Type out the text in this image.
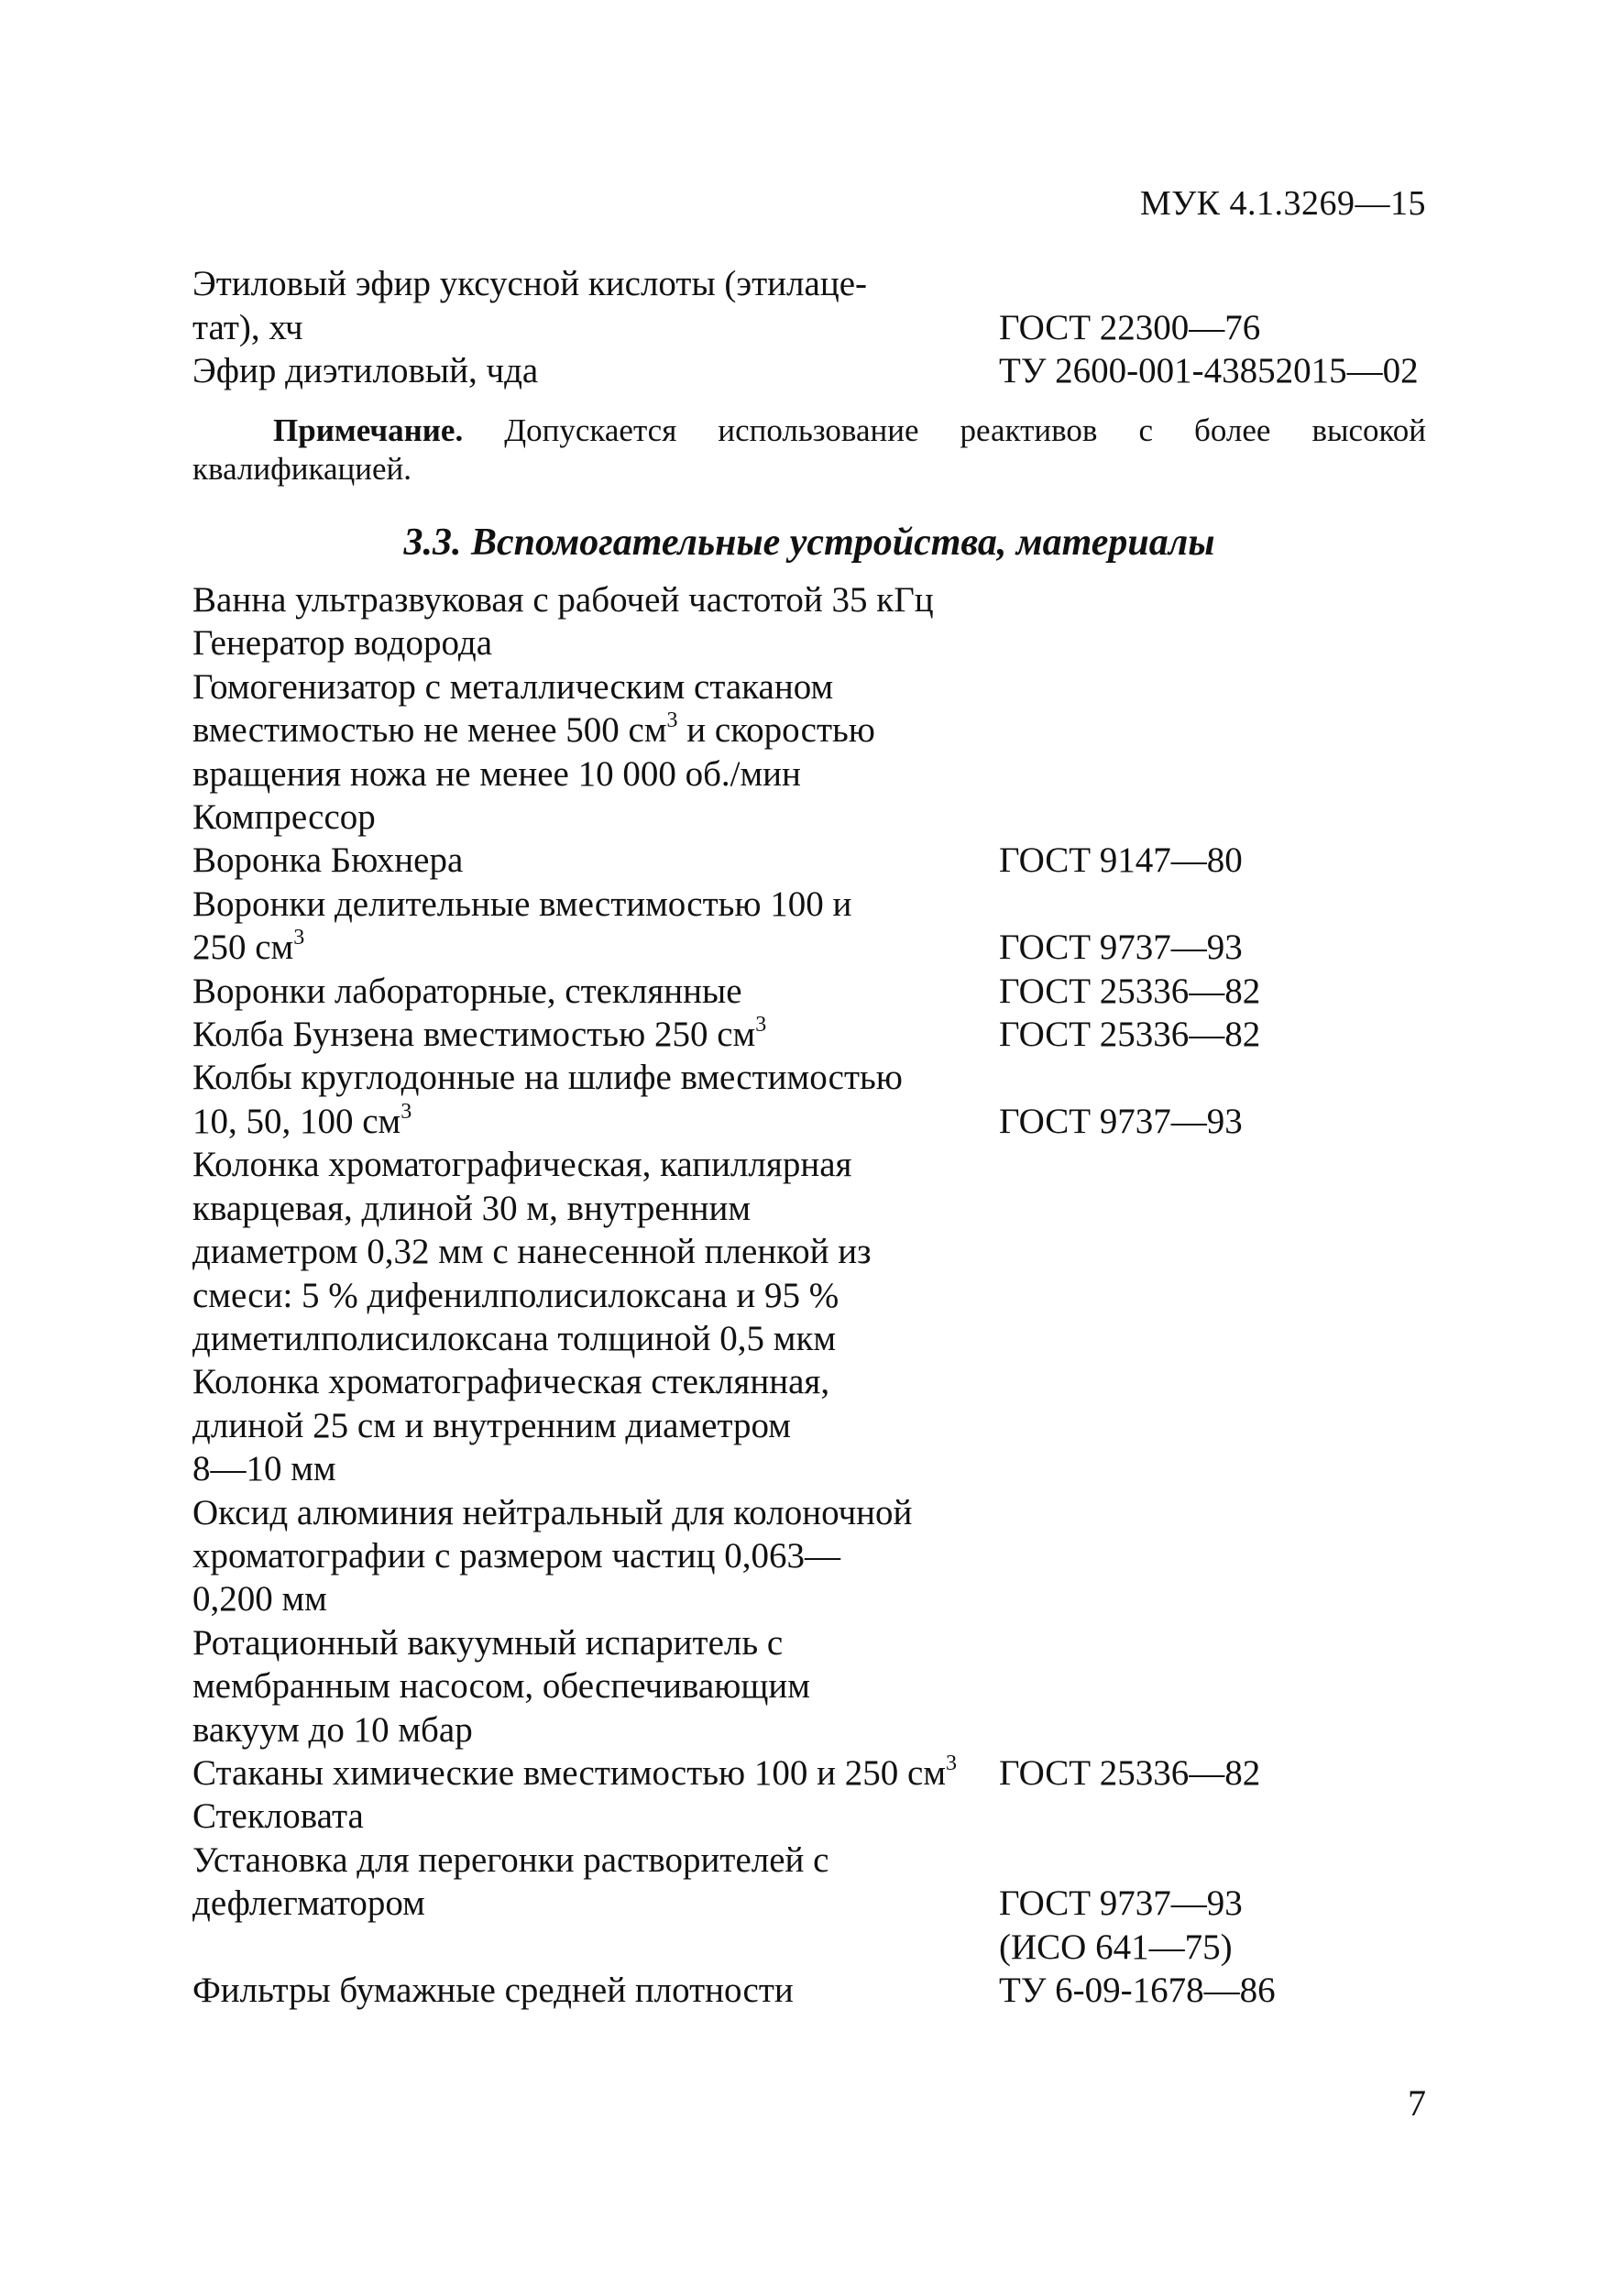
МУК 4.1.3269—15
Этиловый эфир уксусной кислоты (этилаце-
тат), хч	ГОСТ 22300—76
Эфир диэтиловый, чда	ТУ 2600-001-43852015—02
Примечание. Допускается использование реактивов с более высокой квалификацией.
3.3. Вспомогательные устройства, материалы
Ванна ультразвуковая с рабочей частотой 35 кГц
Генератор водорода
Гомогенизатор с металлическим стаканом
вместимостью не менее 500 $см^3$ и скоростью
вращения ножа не менее 10 000 об./мин
Компрессор
Воронка Бюхнера	ГОСТ 9147—80
Воронки делительные вместимостью 100 и
250 $см^3$	ГОСТ 9737—93
Воронки лабораторные, стеклянные	ГОСТ 25336—82
Колба Бунзена вместимостью 250 $см^3$	ГОСТ 25336—82
Колбы круглодонные на шлифе вместимостью
10, 50, 100 $см^3$	ГОСТ 9737—93
Колонка хроматографическая, капиллярная
кварцевая, длиной 30 м, внутренним
диаметром 0,32 мм с нанесенной пленкой из
смеси: 5 % дифенилполисилоксана и 95 %
диметилполисилоксана толщиной 0,5 мкм
Колонка хроматографическая стеклянная,
длиной 25 см и внутренним диаметром
8—10 мм
Оксид алюминия нейтральный для колоночной
хроматографии с размером частиц 0,063—
0,200 мм
Ротационный вакуумный испаритель с
мембранным насосом, обеспечивающим
вакуум до 10 мбар
Стаканы химические вместимостью 100 и 250 $см^3$	ГОСТ 25336—82
Стекловата
Установка для перегонки растворителей с
дефлегматором	ГОСТ 9737—93
(ИСО 641—75)
Фильтры бумажные средней плотности	ТУ 6-09-1678—86
7
